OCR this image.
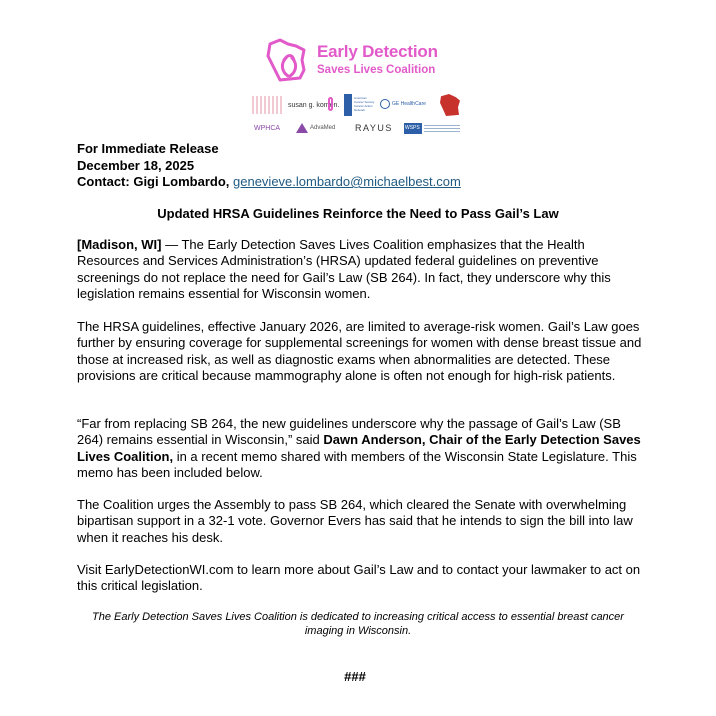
Early Detection
Saves Lives Coalition
susan g. komen.
American Cancer Society Cancer Action Network
GE HealthCare
WPHCA	AdvaMed RAYUS WSPS
For Immediate Release
December 18, 2025
Contact: Gigi Lombardo, genevieve.lombardo@michaelbest.com
Updated HRSA Guidelines Reinforce the Need to Pass Gail’s Law
[Madison, WI] — The Early Detection Saves Lives Coalition emphasizes that the Health Resources and Services Administration’s (HRSA) updated federal guidelines on preventive screenings do not replace the need for Gail’s Law (SB 264). In fact, they underscore why this legislation remains essential for Wisconsin women.
The HRSA guidelines, effective January 2026, are limited to average-risk women. Gail’s Law goes further by ensuring coverage for supplemental screenings for women with dense breast tissue and those at increased risk, as well as diagnostic exams when abnormalities are detected. These provisions are critical because mammography alone is often not enough for high-risk patients.
“Far from replacing SB 264, the new guidelines underscore why the passage of Gail’s Law (SB 264) remains essential in Wisconsin,” said Dawn Anderson, Chair of the Early Detection Saves Lives Coalition, in a recent memo shared with members of the Wisconsin State Legislature. This memo has been included below.
The Coalition urges the Assembly to pass SB 264, which cleared the Senate with overwhelming bipartisan support in a 32-1 vote. Governor Evers has said that he intends to sign the bill into law when it reaches his desk.
Visit EarlyDetectionWI.com to learn more about Gail’s Law and to contact your lawmaker to act on this critical legislation.
The Early Detection Saves Lives Coalition is dedicated to increasing critical access to essential breast cancer imaging in Wisconsin.
###
